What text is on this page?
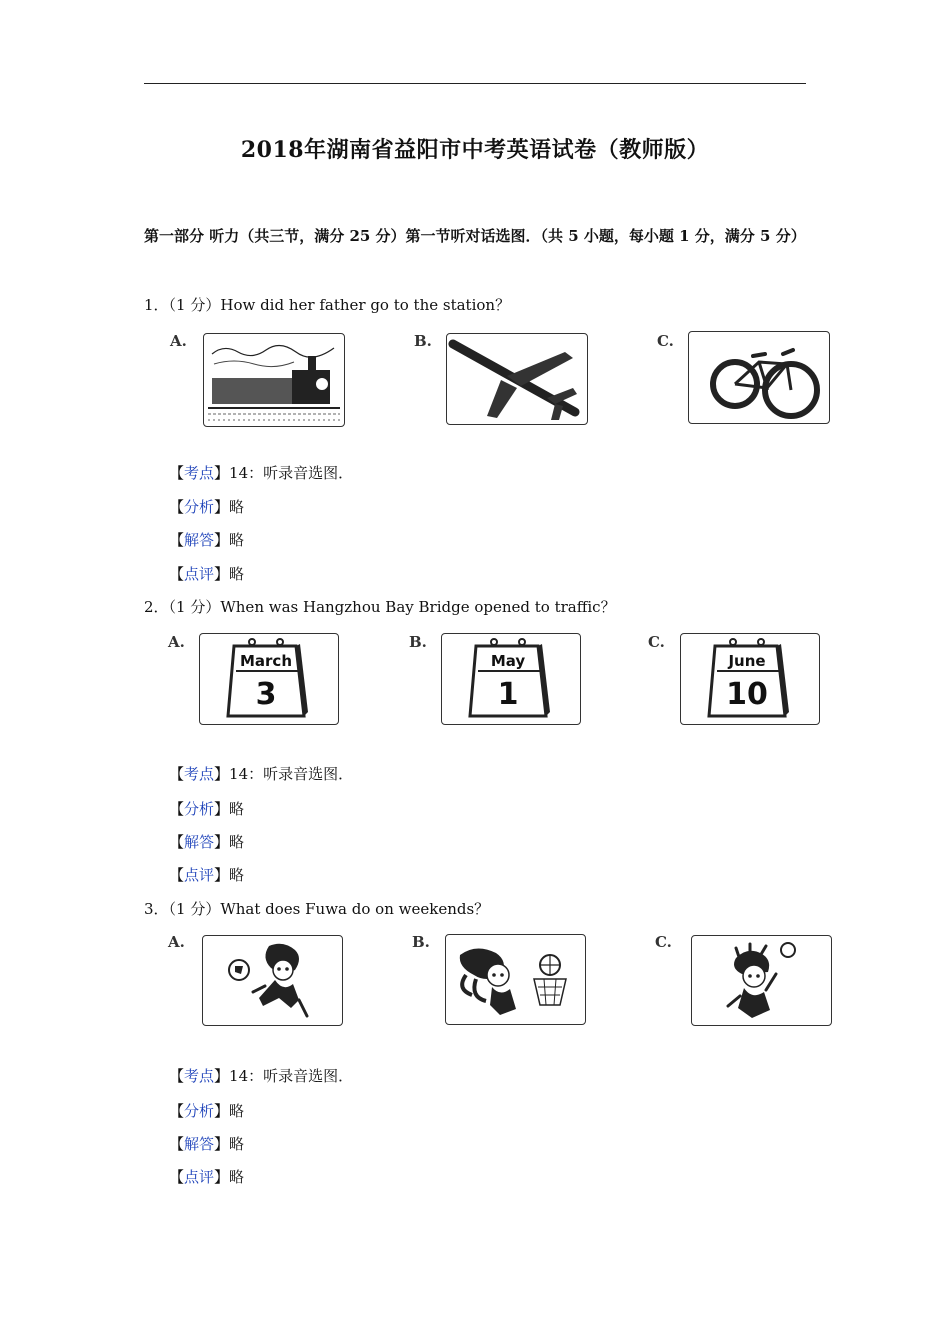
2018年湖南省益阳市中考英语试卷（教师版）
第一部分 听力（共三节，满分 25 分）第一节听对话选图．（共 5 小题，每小题 1 分，满分 5 分）
1．（1 分）How did her father go to the station？
A.	B.	C.
【考点】14：听录音选图．
【分析】略
【解答】略
【点评】略
2．（1 分）When was Hangzhou Bay Bridge opened to traffic？
A.
March
3
B.
May
1
C.
June
10
【考点】14：听录音选图．
【分析】略
【解答】略
【点评】略
3．（1 分）What does Fuwa do on weekends？
A.	B.	C.
【考点】14：听录音选图．
【分析】略
【解答】略
【点评】略
